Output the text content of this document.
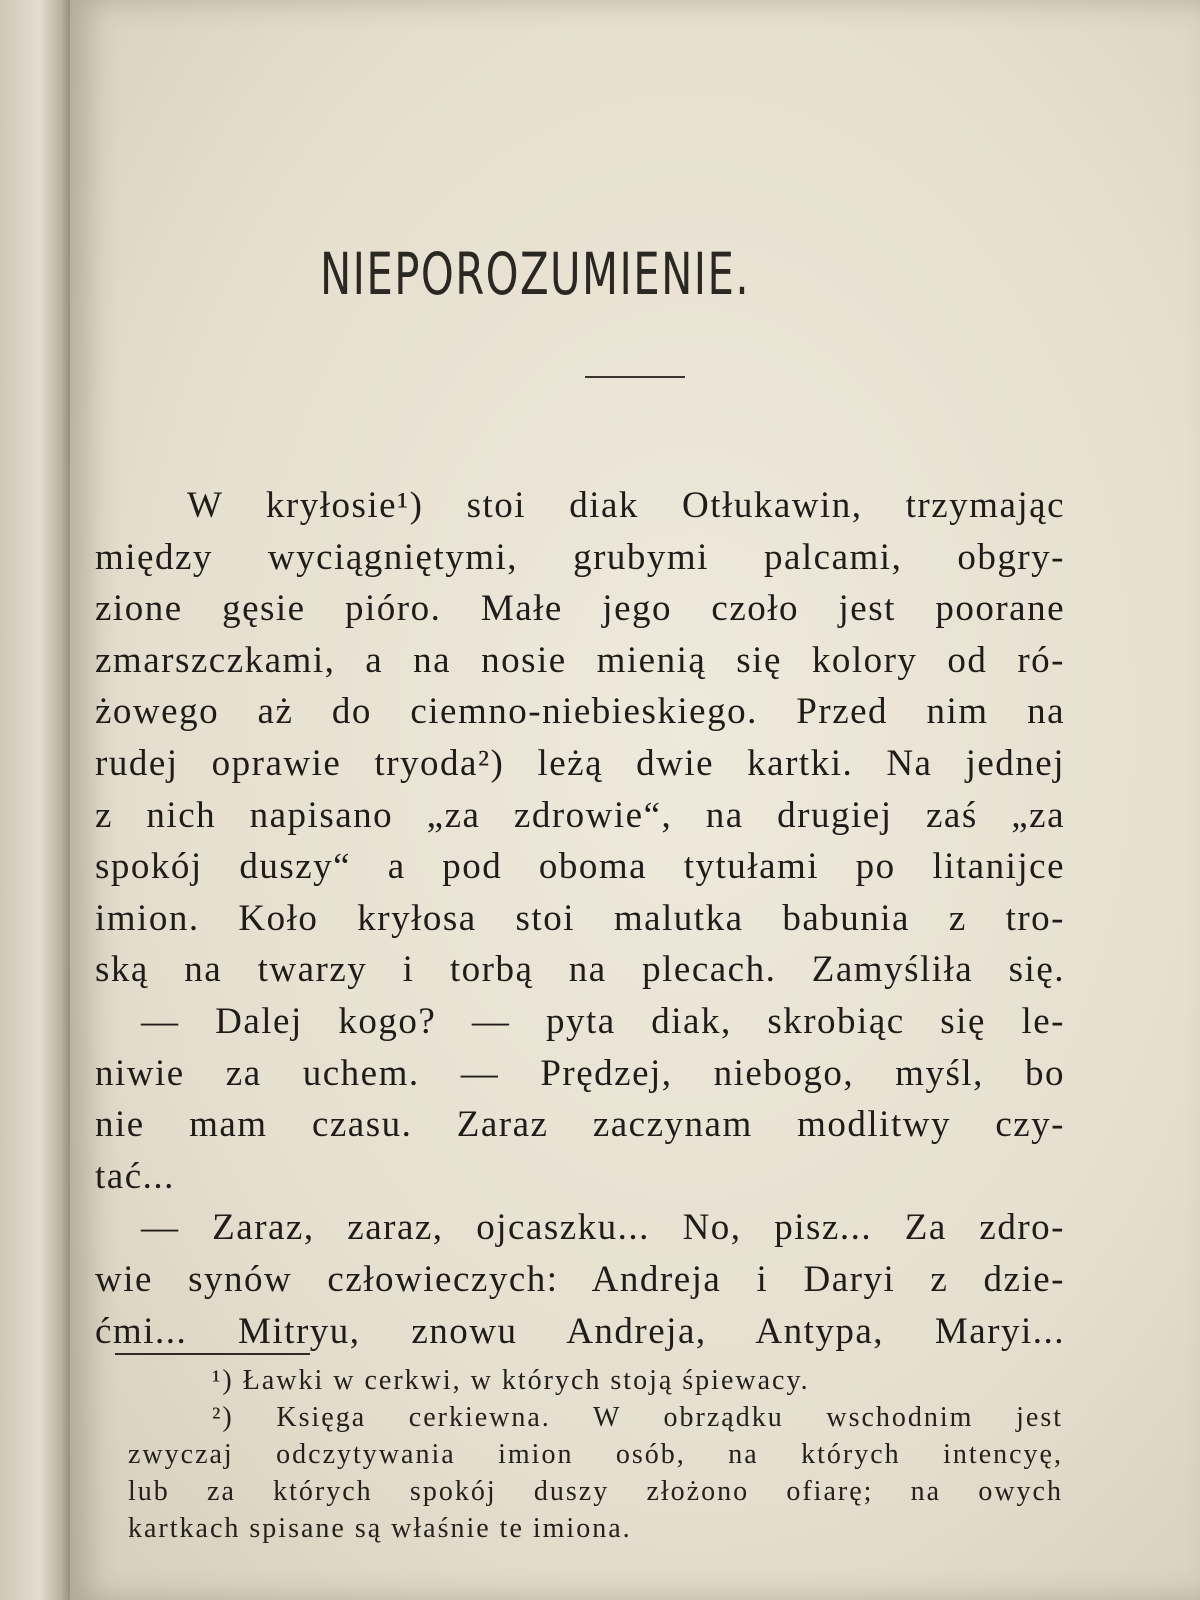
NIEPOROZUMIENIE.
W kryłosie¹) stoi diak Otłukawin, trzymając
między wyciągniętymi, grubymi palcami, obgry-
zione gęsie pióro. Małe jego czoło jest poorane
zmarszczkami, a na nosie mienią się kolory od ró-
żowego aż do ciemno-niebieskiego. Przed nim na
rudej oprawie tryoda²) leżą dwie kartki. Na jednej
z nich napisano „za zdrowie“, na drugiej zaś „za
spokój duszy“ a pod oboma tytułami po litanijce
imion. Koło kryłosa stoi malutka babunia z tro-
ską na twarzy i torbą na plecach. Zamyśliła się.
— Dalej kogo? — pyta diak, skrobiąc się le-
niwie za uchem. — Prędzej, niebogo, myśl, bo
nie mam czasu. Zaraz zaczynam modlitwy czy-
tać...
— Zaraz, zaraz, ojcaszku... No, pisz... Za zdro-
wie synów człowieczych: Andreja i Daryi z dzie-
ćmi... Mitryu, znowu Andreja, Antypa, Maryi...
¹) Ławki w cerkwi, w których stoją śpiewacy.
²) Księga cerkiewna. W obrządku wschodnim jest
zwyczaj odczytywania imion osób, na których intencyę,
lub za których spokój duszy złożono ofiarę; na owych
kartkach spisane są właśnie te imiona.
